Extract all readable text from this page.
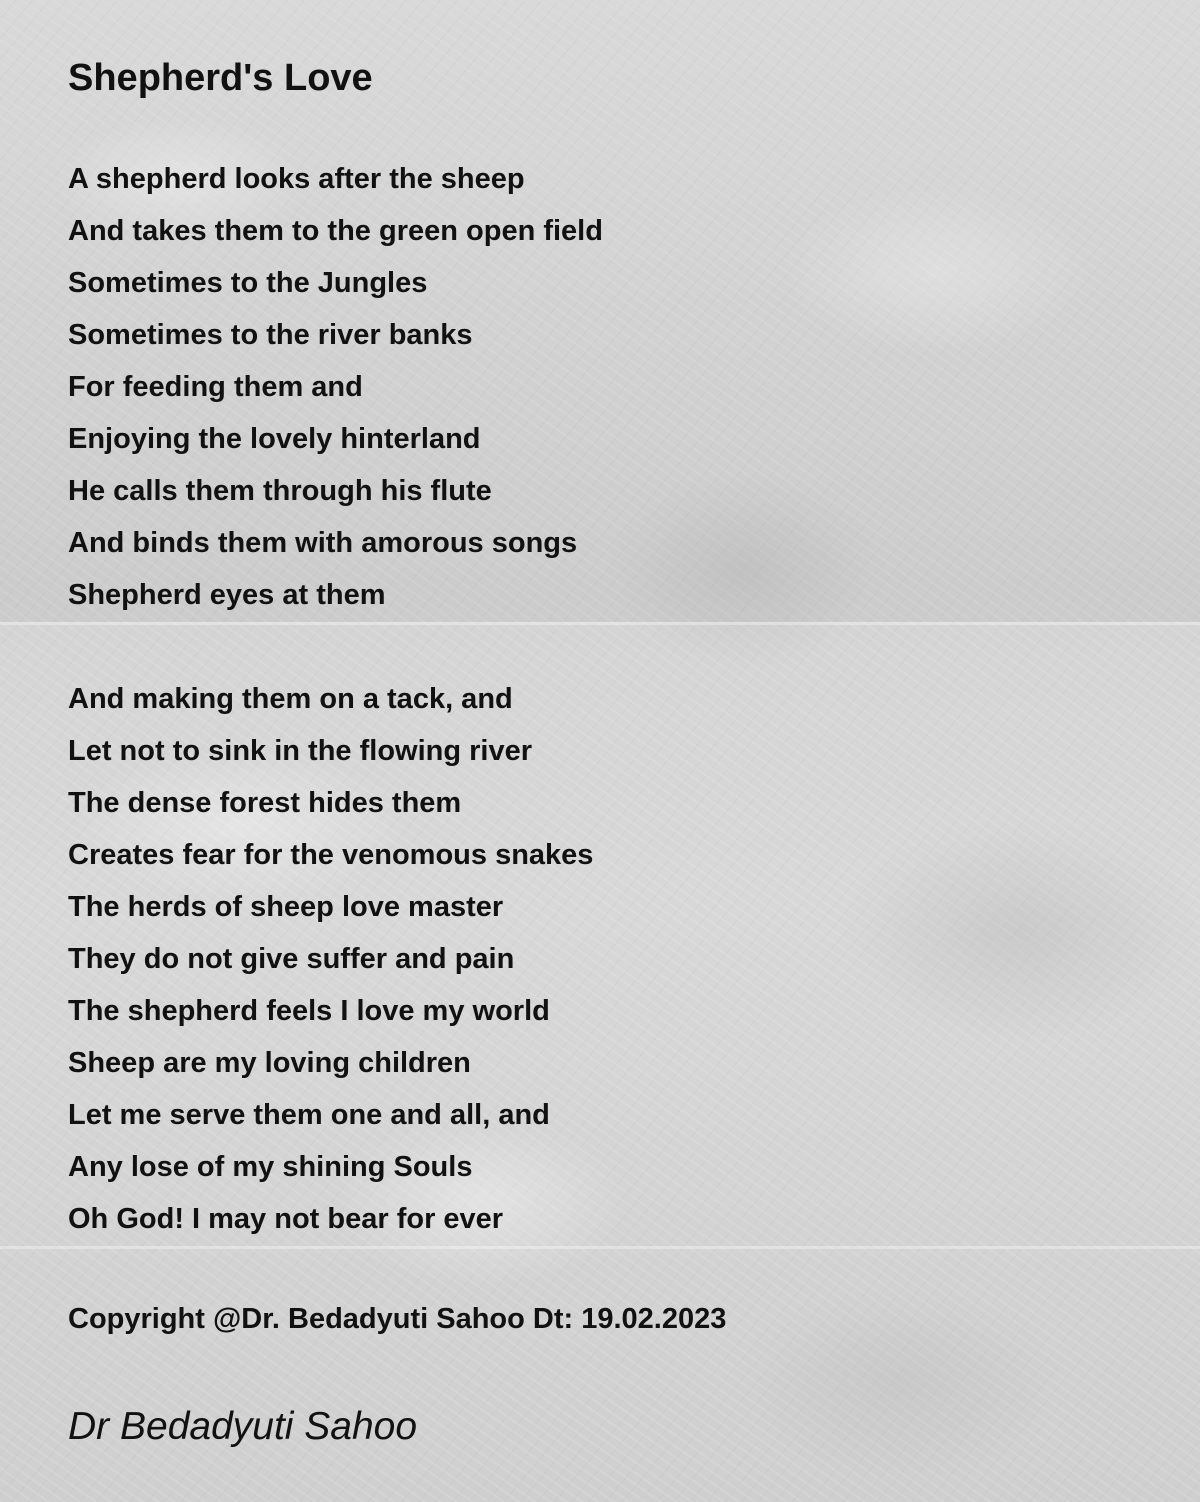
Shepherd's Love
A shepherd looks after the sheep
And takes them to the green open field
Sometimes to the Jungles
Sometimes to the river banks
For feeding them and
Enjoying the lovely hinterland
He calls them through his flute
And binds them with amorous songs
Shepherd eyes at them
And making them on a tack, and
Let not to sink in the flowing river
The dense forest hides them
Creates fear for the venomous snakes
The herds of sheep love master
They do not give suffer and pain
The shepherd feels I love my world
Sheep are my loving children
Let me serve them one and all, and
Any lose of my shining Souls
Oh God! I may not bear for ever
Copyright @Dr. Bedadyuti Sahoo Dt: 19.02.2023
Dr Bedadyuti Sahoo
